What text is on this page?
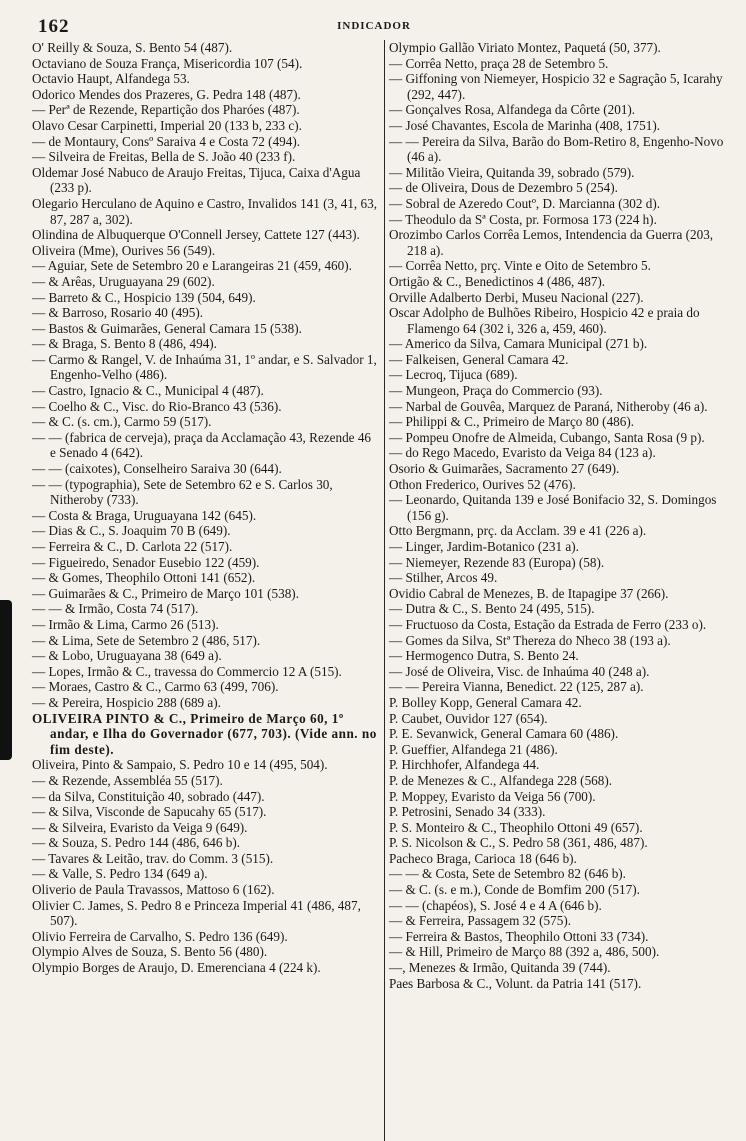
162	INDICADOR

O' Reilly & Souza, S. Bento 54 (487).

Octaviano de Souza França, Misericordia 107 (54).

Octavio Haupt, Alfandega 53.

Odorico Mendes dos Prazeres, G. Pedra 148 (487).

— Perª de Rezende, Repartição dos Pharóes (487).

Olavo Cesar Carpinetti, Imperial 20 (133 b, 233 c).

— de Montaury, Consº Saraiva 4 e Costa 72 (494).

— Silveira de Freitas, Bella de S. João 40 (233 f).

Oldemar José Nabuco de Araujo Freitas, Tijuca, Caixa d'Agua (233 p).

Olegario Herculano de Aquino e Castro, Invalidos 141 (3, 41, 63, 87, 287 a, 302).

Olindina de Albuquerque O'Connell Jersey, Cattete 127 (443).

Oliveira (Mme), Ourives 56 (549).

— Aguiar, Sete de Setembro 20 e Larangeiras 21 (459, 460).

— & Arêas, Uruguayana 29 (602).

— Barreto & C., Hospicio 139 (504, 649).

— & Barroso, Rosario 40 (495).

— Bastos & Guimarães, General Camara 15 (538).

— & Braga, S. Bento 8 (486, 494).

— Carmo & Rangel, V. de Inhaúma 31, 1º andar, e S. Salvador 1, Engenho-Velho (486).

— Castro, Ignacio & C., Municipal 4 (487).

— Coelho & C., Visc. do Rio-Branco 43 (536).

— & C. (s. cm.), Carmo 59 (517).

— — (fabrica de cerveja), praça da Acclamação 43, Rezende 46 e Senado 4 (642).

— — (caixotes), Conselheiro Saraiva 30 (644).

— — (typographia), Sete de Setembro 62 e S. Carlos 30, Nitheroby (733).

— Costa & Braga, Uruguayana 142 (645).

— Dias & C., S. Joaquim 70 B (649).

— Ferreira & C., D. Carlota 22 (517).

— Figueiredo, Senador Eusebio 122 (459).

— & Gomes, Theophilo Ottoni 141 (652).

— Guimarães & C., Primeiro de Março 101 (538).

— — & Irmão, Costa 74 (517).

— Irmão & Lima, Carmo 26 (513).

— & Lima, Sete de Setembro 2 (486, 517).

— & Lobo, Uruguayana 38 (649 a).

— Lopes, Irmão & C., travessa do Commercio 12 A (515).

— Moraes, Castro & C., Carmo 63 (499, 706).

— & Pereira, Hospicio 288 (689 a).

OLIVEIRA PINTO & C., Primeiro de Março 60, 1º andar, e Ilha do Governador (677, 703). (Vide ann. no fim deste).

Oliveira, Pinto & Sampaio, S. Pedro 10 e 14 (495, 504).

— & Rezende, Assembléa 55 (517).

— da Silva, Constituição 40, sobrado (447).

— & Silva, Visconde de Sapucahy 65 (517).

— & Silveira, Evaristo da Veiga 9 (649).

— & Souza, S. Pedro 144 (486, 646 b).

— Tavares & Leitão, trav. do Comm. 3 (515).

— & Valle, S. Pedro 134 (649 a).

Oliverio de Paula Travassos, Mattoso 6 (162).

Olivier C. James, S. Pedro 8 e Princeza Imperial 41 (486, 487, 507).

Olivio Ferreira de Carvalho, S. Pedro 136 (649).

Olympio Alves de Souza, S. Bento 56 (480).

Olympio Borges de Araujo, D. Emerenciana 4 (224 k).

Olympio Gallão Viriato Montez, Paquetá (50, 377).

— Corrêa Netto, praça 28 de Setembro 5.

— Giffoning von Niemeyer, Hospicio 32 e Sagração 5, Icarahy (292, 447).

— Gonçalves Rosa, Alfandega da Côrte (201).

— José Chavantes, Escola de Marinha (408, 1751).

— — Pereira da Silva, Barão do Bom-Retiro 8, Engenho-Novo (46 a).

— Militão Vieira, Quitanda 39, sobrado (579).

— de Oliveira, Dous de Dezembro 5 (254).

— Sobral de Azeredo Coutº, D. Marcianna (302 d).

— Theodulo da Sª Costa, pr. Formosa 173 (224 h).

Orozimbo Carlos Corrêa Lemos, Intendencia da Guerra (203, 218 a).

— Corrêa Netto, prç. Vinte e Oito de Setembro 5.

Ortigão & C., Benedictinos 4 (486, 487).

Orville Adalberto Derbi, Museu Nacional (227).

Oscar Adolpho de Bulhões Ribeiro, Hospicio 42 e praia do Flamengo 64 (302 i, 326 a, 459, 460).

— Americo da Silva, Camara Municipal (271 b).

— Falkeisen, General Camara 42.

— Lecroq, Tijuca (689).

— Mungeon, Praça do Commercio (93).

— Narbal de Gouvêa, Marquez de Paraná, Nitheroby (46 a).

— Philippi & C., Primeiro de Março 80 (486).

— Pompeu Onofre de Almeida, Cubango, Santa Rosa (9 p).

— do Rego Macedo, Evaristo da Veiga 84 (123 a).

Osorio & Guimarães, Sacramento 27 (649).

Othon Frederico, Ourives 52 (476).

— Leonardo, Quitanda 139 e José Bonifacio 32, S. Domingos (156 g).

Otto Bergmann, prç. da Acclam. 39 e 41 (226 a).

— Linger, Jardim-Botanico (231 a).

— Niemeyer, Rezende 83 (Europa) (58).

— Stilher, Arcos 49.

Ovidio Cabral de Menezes, B. de Itapagipe 37 (266).

— Dutra & C., S. Bento 24 (495, 515).

— Fructuoso da Costa, Estação da Estrada de Ferro (233 o).

— Gomes da Silva, Stª Thereza do Nheco 38 (193 a).

— Hermogenco Dutra, S. Bento 24.

— José de Oliveira, Visc. de Inhaúma 40 (248 a).

— — Pereira Vianna, Benedict. 22 (125, 287 a).

P. Bolley Kopp, General Camara 42.

P. Caubet, Ouvidor 127 (654).

P. E. Sevanwick, General Camara 60 (486).

P. Gueffier, Alfandega 21 (486).

P. Hirchhofer, Alfandega 44.

P. de Menezes & C., Alfandega 228 (568).

P. Moppey, Evaristo da Veiga 56 (700).

P. Petrosini, Senado 34 (333).

P. S. Monteiro & C., Theophilo Ottoni 49 (657).

P. S. Nicolson & C., S. Pedro 58 (361, 486, 487).

Pacheco Braga, Carioca 18 (646 b).

— — & Costa, Sete de Setembro 82 (646 b).

— & C. (s. e m.), Conde de Bomfim 200 (517).

— — (chapéos), S. José 4 e 4 A (646 b).

— & Ferreira, Passagem 32 (575).

— Ferreira & Bastos, Theophilo Ottoni 33 (734).

— & Hill, Primeiro de Março 88 (392 a, 486, 500).

—, Menezes & Irmão, Quitanda 39 (744).

Paes Barbosa & C., Volunt. da Patria 141 (517).
